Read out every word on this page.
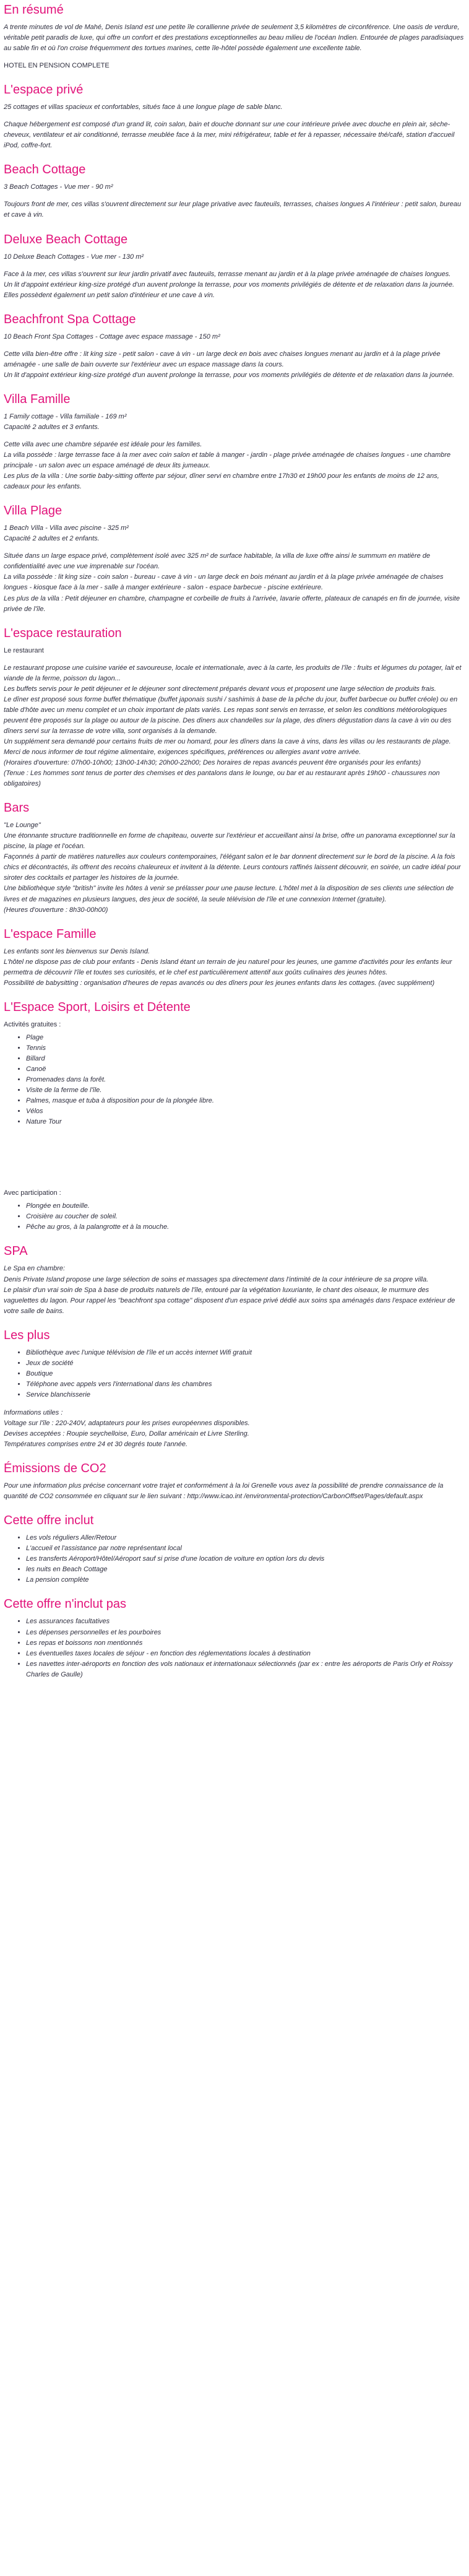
En résumé

A trente minutes de vol de Mahé, Denis Island est une petite île corallienne privée de seulement 3,5 kilomètres de circonférence. Une oasis de verdure, véritable petit paradis de luxe, qui offre un confort et des prestations exceptionnelles au beau milieu de l'océan Indien. Entourée de plages paradisiaques au sable fin et où l'on croise fréquemment des tortues marines, cette île-hôtel possède également une excellente table.

HOTEL EN PENSION COMPLETE

L'espace privé

25 cottages et villas spacieux et confortables, situés face à une longue plage de sable blanc.

Chaque hébergement est composé d'un grand lit, coin salon, bain et douche donnant sur une cour intérieure privée avec douche en plein air, sèche-cheveux, ventilateur et air conditionné, terrasse meublée face à la mer, mini réfrigérateur, table et fer à repasser, nécessaire thé/café, station d'accueil iPod, coffre-fort.

Beach Cottage

3 Beach Cottages - Vue mer - 90 m²

Toujours front de mer, ces villas s'ouvrent directement sur leur plage privative avec fauteuils, terrasses, chaises longues A l'intérieur : petit salon, bureau et cave à vin.

Deluxe Beach Cottage

10 Deluxe Beach Cottages - Vue mer - 130 m²

Face à la mer, ces villas s'ouvrent sur leur jardin privatif avec fauteuils, terrasse menant au jardin et à la plage privée aménagée de chaises longues.
Un lit d'appoint extérieur king-size protégé d'un auvent prolonge la terrasse, pour vos moments privilégiés de détente et de relaxation dans la journée.
Elles possèdent également un petit salon d'intérieur et une cave à vin.

Beachfront Spa Cottage

10 Beach Front Spa Cottages - Cottage avec espace massage - 150 m²

Cette villa bien-être offre : lit king size - petit salon - cave à vin - un large deck en bois avec chaises longues menant au jardin et à la plage privée aménagée - une salle de bain ouverte sur l'extérieur avec un espace massage dans la cours.
Un lit d'appoint extérieur king-size protégé d'un auvent prolonge la terrasse, pour vos moments privilégiés de détente et de relaxation dans la journée.

Villa Famille

1 Family cottage - Villa familiale - 169 m²
Capacité 2 adultes et 3 enfants.

Cette villa avec une chambre séparée est idéale pour les familles.
La villa possède : large terrasse face à la mer avec coin salon et table à manger - jardin - plage privée aménagée de chaises longues - une chambre principale - un salon avec un espace aménagé de deux lits jumeaux.
Les plus de la villa : Une sortie baby-sitting offerte par séjour, dîner servi en chambre entre 17h30 et 19h00 pour les enfants de moins de 12 ans, cadeaux pour les enfants.

Villa Plage

1 Beach Villa - Villa avec piscine - 325 m²
Capacité 2 adultes et 2 enfants.

Située dans un large espace privé, complètement isolé avec 325 m² de surface habitable, la villa de luxe offre ainsi le summum en matière de confidentialité avec une vue imprenable sur l'océan.
La villa possède : lit king size - coin salon - bureau - cave à vin - un large deck en bois ménant au jardin et à la plage privée aménagée de chaises longues - kiosque face à la mer - salle à manger extérieure - salon - espace barbecue - piscine extérieure.
Les plus de la villa : Petit déjeuner en chambre, champagne et corbeille de fruits à l'arrivée, lavarie offerte, plateaux de canapés en fin de journée, visite privée de l'île.

L'espace restauration

Le restaurant

Le restaurant propose une cuisine variée et savoureuse, locale et internationale, avec à la carte, les produits de l'île : fruits et légumes du potager, lait et viande de la ferme, poisson du lagon...
Les buffets servis pour le petit déjeuner et le déjeuner sont directement préparés devant vous et proposent une large sélection de produits frais.
Le dîner est proposé sous forme buffet thématique (buffet japonais sushi / sashimis à base de la pêche du jour, buffet barbecue ou buffet créole) ou en table d'hôte avec un menu complet et un choix important de plats variés. Les repas sont servis en terrasse, et selon les conditions météorologiques peuvent être proposés sur la plage ou autour de la piscine. Des dîners aux chandelles sur la plage, des dîners dégustation dans la cave à vin ou des dîners servi sur la terrasse de votre villa, sont organisés à la demande.
Un supplément sera demandé pour certains fruits de mer ou homard, pour les dîners dans la cave à vins, dans les villas ou les restaurants de plage. Merci de nous informer de tout régime alimentaire, exigences spécifiques, préférences ou allergies avant votre arrivée.
(Horaires d'ouverture: 07h00-10h00; 13h00-14h30; 20h00-22h00; Des horaires de repas avancés peuvent être organisés pour les enfants)
(Tenue : Les hommes sont tenus de porter des chemises et des pantalons dans le lounge, ou bar et au restaurant après 19h00 - chaussures non obligatoires)

Bars

"Le Lounge"
Une étonnante structure traditionnelle en forme de chapiteau, ouverte sur l'extérieur et accueillant ainsi la brise, offre un panorama exceptionnel sur la piscine, la plage et l'océan.
Façonnés à partir de matières naturelles aux couleurs contemporaines, l'élégant salon et le bar donnent directement sur le bord de la piscine. A la fois chics et décontractés, ils offrent des recoins chaleureux et invitent à la détente. Leurs contours raffinés laissent découvrir, en soirée, un cadre idéal pour siroter des cocktails et partager les histoires de la journée.
Une bibliothèque style "british" invite les hôtes à venir se prélasser pour une pause lecture. L'hôtel met à la disposition de ses clients une sélection de livres et de magazines en plusieurs langues, des jeux de société, la seule télévision de l'île et une connexion Internet (gratuite).
(Heures d'ouverture : 8h30-00h00)

L'espace Famille

Les enfants sont les bienvenus sur Denis Island.
L'hôtel ne dispose pas de club pour enfants - Denis Island étant un terrain de jeu naturel pour les jeunes, une gamme d'activités pour les enfants leur permettra de découvrir l'île et toutes ses curiosités, et le chef est particulièrement attentif aux goûts culinaires des jeunes hôtes.
Possibilité de babysitting : organisation d'heures de repas avancés ou des dîners pour les jeunes enfants dans les cottages. (avec supplément)

L'Espace Sport, Loisirs et Détente

Activités gratuites :

• Plage
• Tennis
• Billard
• Canoë
• Promenades dans la forêt.
• Visite de la ferme de l'île.
• Palmes, masque et tuba à disposition pour de la plongée libre.
• Vélos
• Nature Tour

Avec participation :

• Plongée en bouteille.
• Croisière au coucher de soleil.
• Pêche au gros, à la palangrotte et à la mouche.
SPA

Le Spa en chambre:
Denis Private Island propose une large sélection de soins et massages spa directement dans l'intimité de la cour intérieure de sa propre villa.
Le plaisir d'un vrai soin de Spa à base de produits naturels de l'île, entouré par la végétation luxuriante, le chant des oiseaux, le murmure des vaguelettes du lagon. Pour rappel les "beachfront spa cottage" disposent d'un espace privé dédié aux soins spa aménagés dans l'espace extérieur de votre salle de bains.

Les plus
• Bibliothèque avec l'unique télévision de l'île et un accès internet Wifi gratuit
• Jeux de société
• Boutique
• Téléphone avec appels vers l'international dans les chambres
• Service blanchisserie

Informations utiles :
Voltage sur l'île : 220-240V, adaptateurs pour les prises européennes disponibles.
Devises acceptées : Roupie seychelloise, Euro, Dollar américain et Livre Sterling.
Températures comprises entre 24 et 30 degrés toute l'année.

Émissions de CO2

Pour une information plus précise concernant votre trajet et conformément à la loi Grenelle vous avez la possibilité de prendre connaissance de la quantité de CO2 consommée en cliquant sur le lien suivant : http://www.icao.int /environmental-protection/CarbonOffset/Pages/default.aspx

Cette offre inclut
• Les vols réguliers Aller/Retour
• L'accueil et l'assistance par notre représentant local
• Les transferts Aéroport/Hôtel/Aéroport sauf si prise d'une location de voiture en option lors du devis
• les nuits en Beach Cottage
• La pension complète
Cette offre n'inclut pas
• Les assurances facultatives
• Les dépenses personnelles et les pourboires
• Les repas et boissons non mentionnés
• Les éventuelles taxes locales de séjour - en fonction des réglementations locales à destination
• Les navettes inter-aéroports en fonction des vols nationaux et internationaux sélectionnés (par ex : entre les aéroports de Paris Orly et Roissy Charles de Gaulle)
